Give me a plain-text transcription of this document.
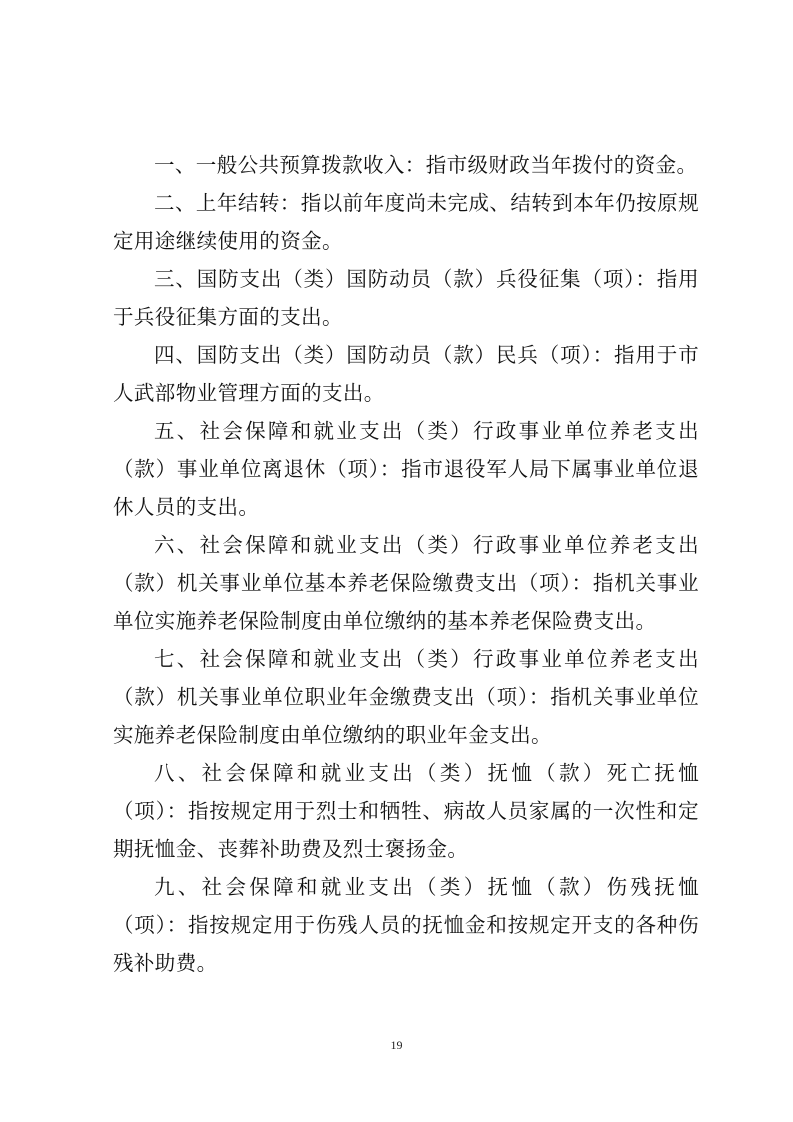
一、一般公共预算拨款收入：指市级财政当年拨付的资金。

二、上年结转：指以前年度尚未完成、结转到本年仍按原规定用途继续使用的资金。

三、国防支出（类）国防动员（款）兵役征集（项）：指用于兵役征集方面的支出。

四、国防支出（类）国防动员（款）民兵（项）：指用于市人武部物业管理方面的支出。

五、社会保障和就业支出（类）行政事业单位养老支出（款）事业单位离退休（项）：指市退役军人局下属事业单位退休人员的支出。

六、社会保障和就业支出（类）行政事业单位养老支出（款）机关事业单位基本养老保险缴费支出（项）：指机关事业单位实施养老保险制度由单位缴纳的基本养老保险费支出。

七、社会保障和就业支出（类）行政事业单位养老支出（款）机关事业单位职业年金缴费支出（项）：指机关事业单位实施养老保险制度由单位缴纳的职业年金支出。

八、社会保障和就业支出（类）抚恤（款）死亡抚恤（项）：指按规定用于烈士和牺牲、病故人员家属的一次性和定期抚恤金、丧葬补助费及烈士褒扬金。

九、社会保障和就业支出（类）抚恤（款）伤残抚恤（项）：指按规定用于伤残人员的抚恤金和按规定开支的各种伤残补助费。

19
